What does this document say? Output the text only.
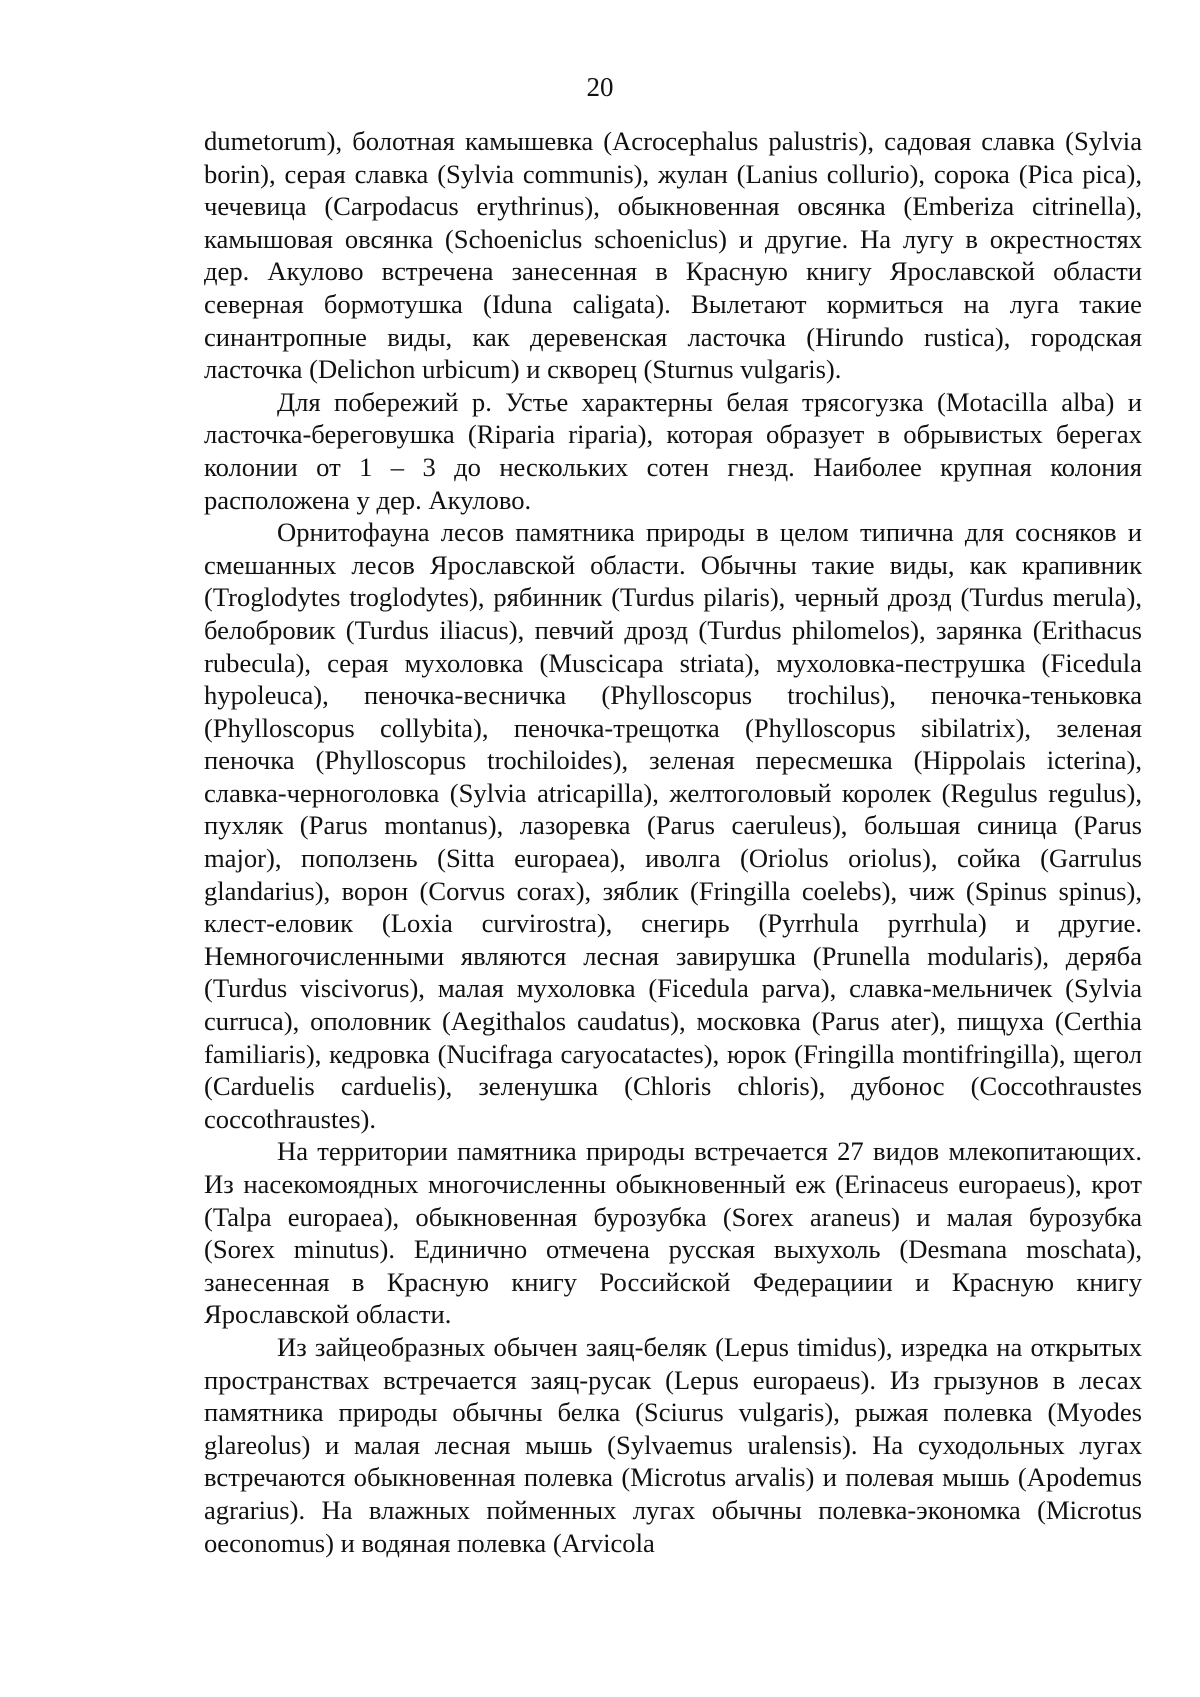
20

dumetorum), болотная камышевка (Acrocephalus palustris), садовая славка (Sylvia borin), серая славка (Sylvia communis), жулан (Lanius collurio), сорока (Pica pica), чечевица (Carpodacus erythrinus), обыкновенная овсянка (Emberiza citrinella), камышовая овсянка (Schoeniclus schoeniclus) и другие. На лугу в окрестностях дер. Акулово встречена занесенная в Красную книгу Ярославской области северная бормотушка (Iduna caligata). Вылетают кормиться на луга такие синантропные виды, как деревенская ласточка (Hirundo rustica), городская ласточка (Delichon urbicum) и скворец (Sturnus vulgaris).

Для побережий р. Устье характерны белая трясогузка (Motacilla alba) и ласточка-береговушка (Riparia riparia), которая образует в обрывистых берегах колонии от 1 – 3 до нескольких сотен гнезд. Наиболее крупная колония расположена у дер. Акулово.

Орнитофауна лесов памятника природы в целом типична для сосняков и смешанных лесов Ярославской области. Обычны такие виды, как крапивник (Troglodytes troglodytes), рябинник (Turdus pilaris), черный дрозд (Turdus merula), белобровик (Turdus iliacus), певчий дрозд (Turdus philomelos), зарянка (Erithacus rubecula), серая мухоловка (Muscicapa striata), мухоловка-пеструшка (Ficedula hypoleuca), пеночка-весничка (Phylloscopus trochilus), пеночка-теньковка (Phylloscopus collybita), пеночка-трещотка (Phylloscopus sibilatrix), зеленая пеночка (Phylloscopus trochiloides), зеленая пересмешка (Hippolais icterina), славка-черноголовка (Sylvia atricapilla), желтоголовый королек (Regulus regulus), пухляк (Parus montanus), лазоревка (Parus caeruleus), большая синица (Parus major), поползень (Sitta europaea), иволга (Oriolus oriolus), сойка (Garrulus glandarius), ворон (Corvus corax), зяблик (Fringilla coelebs), чиж (Spinus spinus), клест-еловик (Loxia curvirostra), снегирь (Pyrrhula pyrrhula) и другие. Немногочисленными являются лесная завирушка (Prunella modularis), деряба (Turdus viscivorus), малая мухоловка (Ficedula parva), славка-мельничек (Sylvia curruca), ополовник (Aegithalos caudatus), московка (Parus ater), пищуха (Certhia familiaris), кедровка (Nucifraga caryocatactes), юрок (Fringilla montifringilla), щегол (Carduelis carduelis), зеленушка (Chloris chloris), дубонос (Coccothraustes coccothraustes).

На территории памятника природы встречается 27 видов млекопитающих. Из насекомоядных многочисленны обыкновенный еж (Erinaceus europaeus), крот (Talpa europaea), обыкновенная бурозубка (Sorex araneus) и малая бурозубка (Sorex minutus). Единично отмечена русская выхухоль (Desmana moschata), занесенная в Красную книгу Российской Федерациии и Красную книгу Ярославской области.

Из зайцеобразных обычен заяц-беляк (Lepus timidus), изредка на открытых пространствах встречается заяц-русак (Lepus europaeus). Из грызунов в лесах памятника природы обычны белка (Sciurus vulgaris), рыжая полевка (Myodes glareolus) и малая лесная мышь (Sylvaemus uralensis). На суходольных лугах встречаются обыкновенная полевка (Microtus arvalis) и полевая мышь (Apodemus agrarius). На влажных пойменных лугах обычны полевка-экономка (Microtus oeconomus) и водяная полевка (Arvicola
